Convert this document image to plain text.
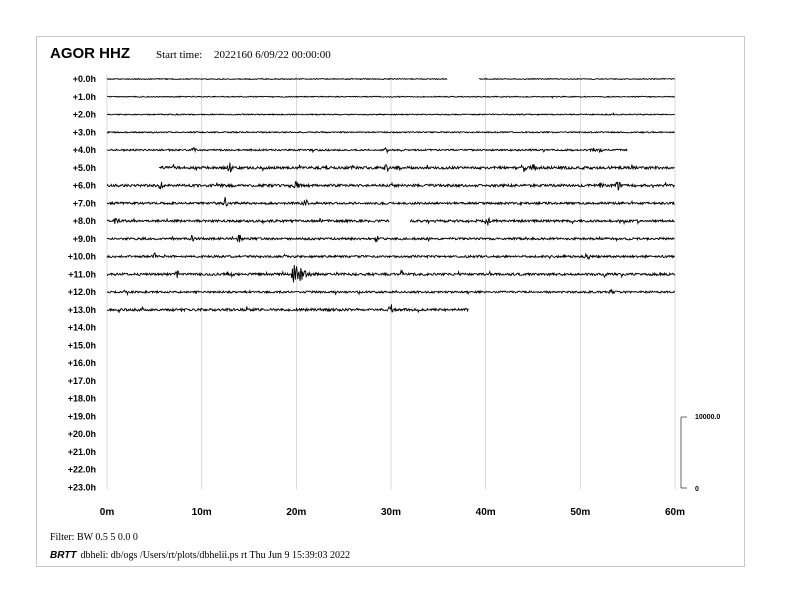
AGOR HHZ Start time: 2022160 6/09/22 00:00:00
+0.0h
+1.0h
+2.0h
+3.0h
+4.0h
+5.0h
+6.0h
+7.0h
+8.0h
+9.0h
+10.0h
+11.0h
+12.0h
+13.0h
+14.0h
+15.0h
+16.0h
+17.0h
+18.0h
+19.0h
+20.0h
+21.0h
+22.0h
+23.0h
0m	10m	20m	30m	40m	50m	60m
10000.0
0
Filter: BW 0.5 5 0.0 0
BRTT dbheli: db/ogs /Users/rt/plots/dbhelii.ps rt Thu Jun 9 15:39:03 2022
